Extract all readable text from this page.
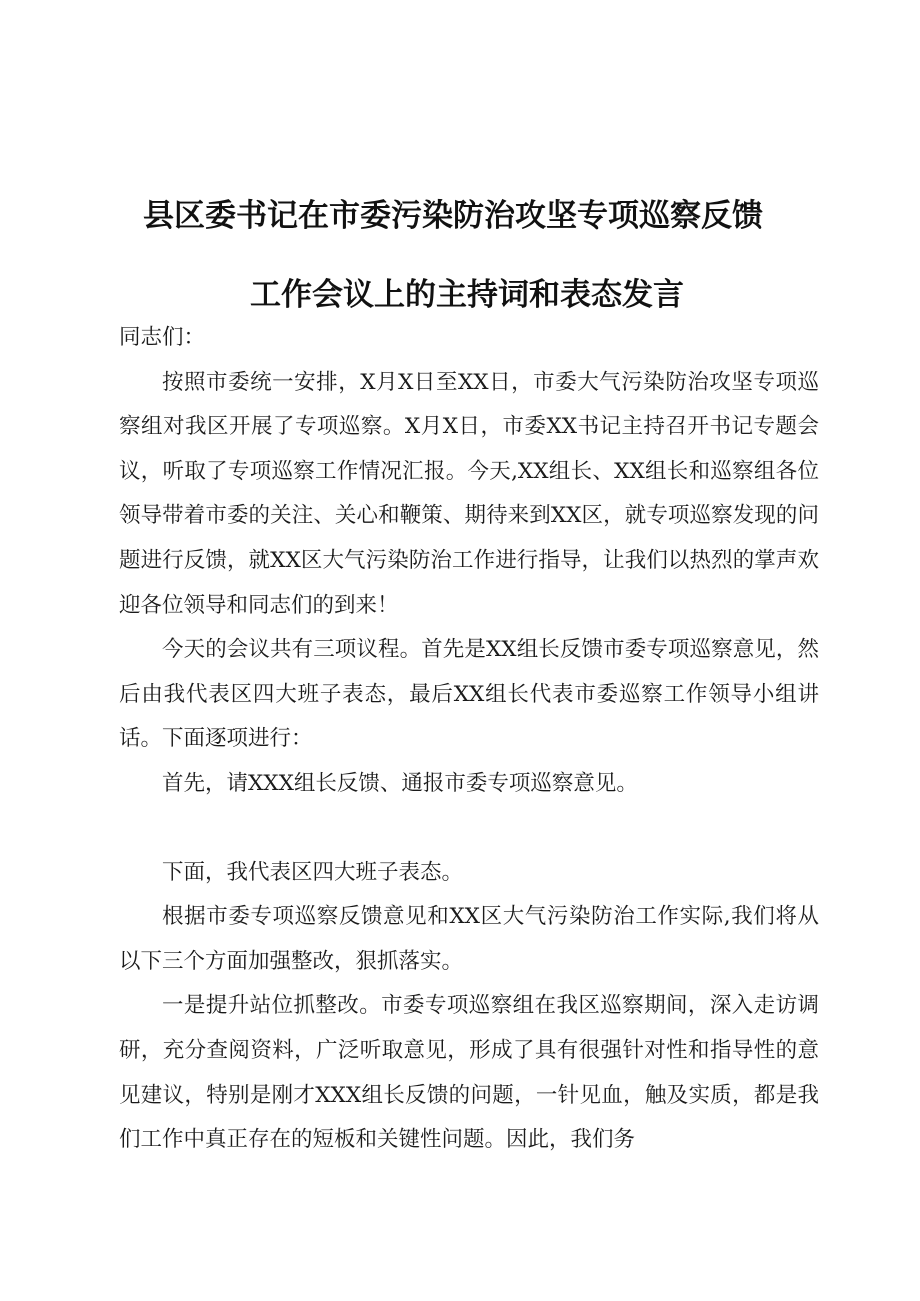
县区委书记在市委污染防治攻坚专项巡察反馈
工作会议上的主持词和表态发言

同志们：

按照市委统一安排，X月X日至XX日，市委大气污染防治攻坚专项巡察组对我区开展了专项巡察。X月X日，市委XX书记主持召开书记专题会议，听取了专项巡察工作情况汇报。今天,XX组长、XX组长和巡察组各位领导带着市委的关注、关心和鞭策、期待来到XX区，就专项巡察发现的问题进行反馈，就XX区大气污染防治工作进行指导，让我们以热烈的掌声欢迎各位领导和同志们的到来！

今天的会议共有三项议程。首先是XX组长反馈市委专项巡察意见，然后由我代表区四大班子表态，最后XX组长代表市委巡察工作领导小组讲话。下面逐项进行：

首先，请XXX组长反馈、通报市委专项巡察意见。

下面，我代表区四大班子表态。

根据市委专项巡察反馈意见和XX区大气污染防治工作实际,我们将从以下三个方面加强整改，狠抓落实。

一是提升站位抓整改。市委专项巡察组在我区巡察期间，深入走访调研，充分查阅资料，广泛听取意见，形成了具有很强针对性和指导性的意见建议，特别是刚才XXX组长反馈的问题，一针见血，触及实质，都是我们工作中真正存在的短板和关键性问题。因此，我们务
